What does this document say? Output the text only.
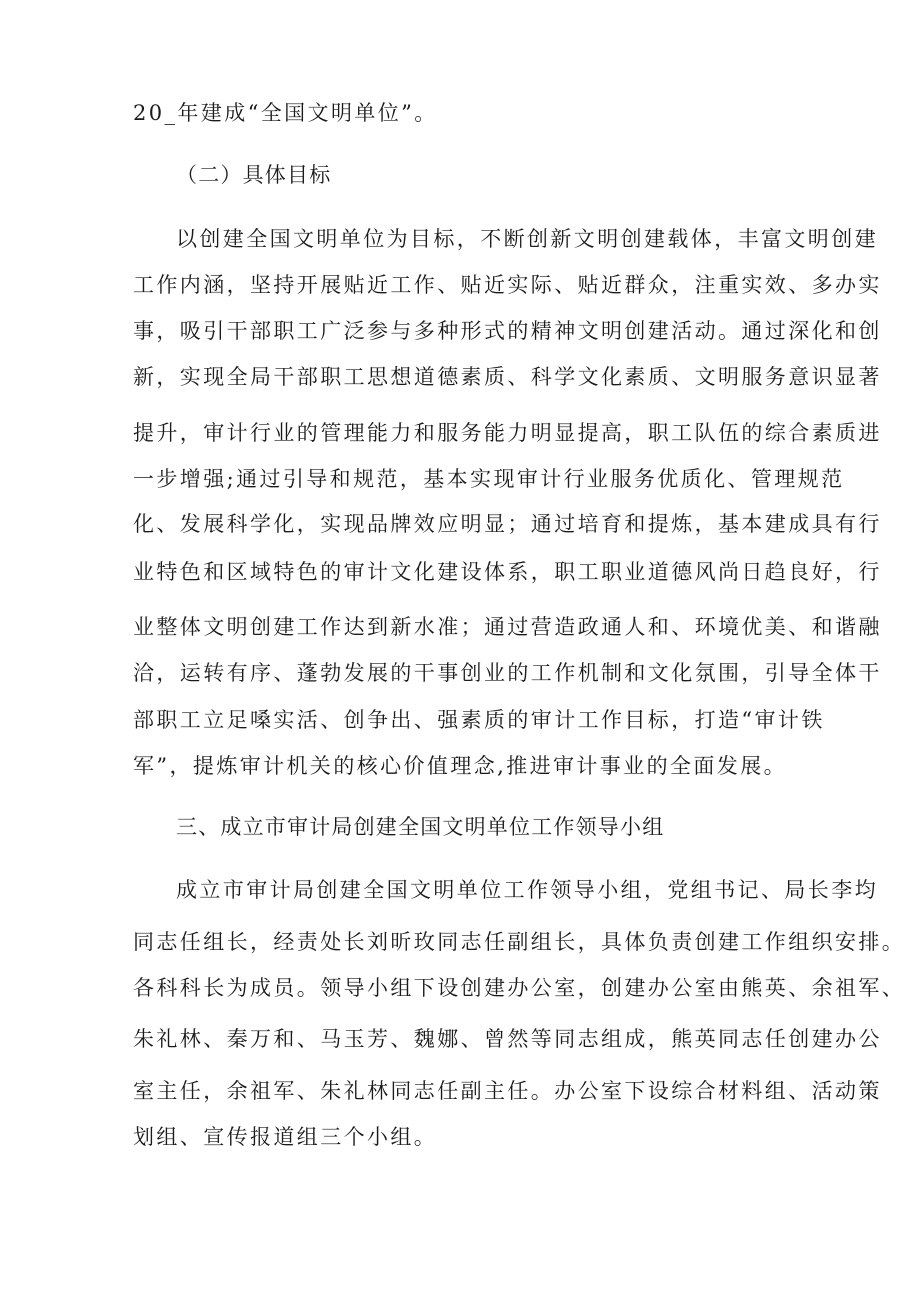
20_年建成“全国文明单位”。
（二）具体目标
以创建全国文明单位为目标，不断创新文明创建载体，丰富文明创建
工作内涵，坚持开展贴近工作、贴近实际、贴近群众，注重实效、多办实
事，吸引干部职工广泛参与多种形式的精神文明创建活动。通过深化和创
新，实现全局干部职工思想道德素质、科学文化素质、文明服务意识显著
提升，审计行业的管理能力和服务能力明显提高，职工队伍的综合素质进
一步增强;通过引导和规范，基本实现审计行业服务优质化、管理规范
化、发展科学化，实现品牌效应明显；通过培育和提炼，基本建成具有行
业特色和区域特色的审计文化建设体系，职工职业道德风尚日趋良好，行
业整体文明创建工作达到新水准；通过营造政通人和、环境优美、和谐融
洽，运转有序、蓬勃发展的干事创业的工作机制和文化氛围，引导全体干
部职工立足嗓实活、创争出、强素质的审计工作目标，打造“审计铁
军”，提炼审计机关的核心价值理念,推进审计事业的全面发展。
三、成立市审计局创建全国文明单位工作领导小组
成立市审计局创建全国文明单位工作领导小组，党组书记、局长李均
同志任组长，经责处长刘昕玫同志任副组长，具体负责创建工作组织安排。
各科科长为成员。领导小组下设创建办公室，创建办公室由熊英、余祖军、
朱礼林、秦万和、马玉芳、魏娜、曾然等同志组成，熊英同志任创建办公
室主任，余祖军、朱礼林同志任副主任。办公室下设综合材料组、活动策
划组、宣传报道组三个小组。
